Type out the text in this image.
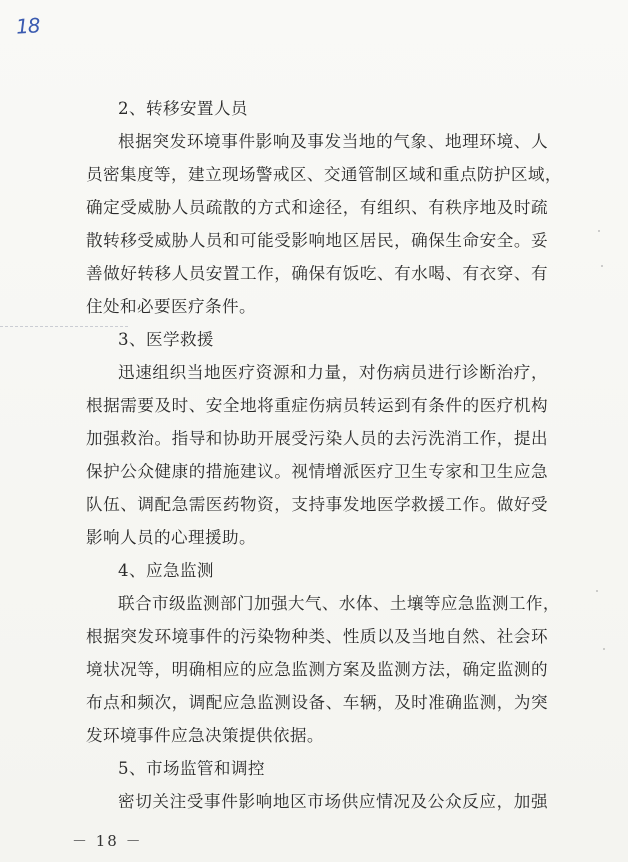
18
2、转移安置人员
根据突发环境事件影响及事发当地的气象、地理环境、人
员密集度等，建立现场警戒区、交通管制区域和重点防护区域，
确定受威胁人员疏散的方式和途径，有组织、有秩序地及时疏
散转移受威胁人员和可能受影响地区居民，确保生命安全。妥
善做好转移人员安置工作，确保有饭吃、有水喝、有衣穿、有
住处和必要医疗条件。
3、医学救援
迅速组织当地医疗资源和力量，对伤病员进行诊断治疗，
根据需要及时、安全地将重症伤病员转运到有条件的医疗机构
加强救治。指导和协助开展受污染人员的去污洗消工作，提出
保护公众健康的措施建议。视情增派医疗卫生专家和卫生应急
队伍、调配急需医药物资，支持事发地医学救援工作。做好受
影响人员的心理援助。
4、应急监测
联合市级监测部门加强大气、水体、土壤等应急监测工作，
根据突发环境事件的污染物种类、性质以及当地自然、社会环
境状况等，明确相应的应急监测方案及监测方法，确定监测的
布点和频次，调配应急监测设备、车辆，及时准确监测，为突
发环境事件应急决策提供依据。
5、市场监管和调控
密切关注受事件影响地区市场供应情况及公众反应，加强
－ 18 －
